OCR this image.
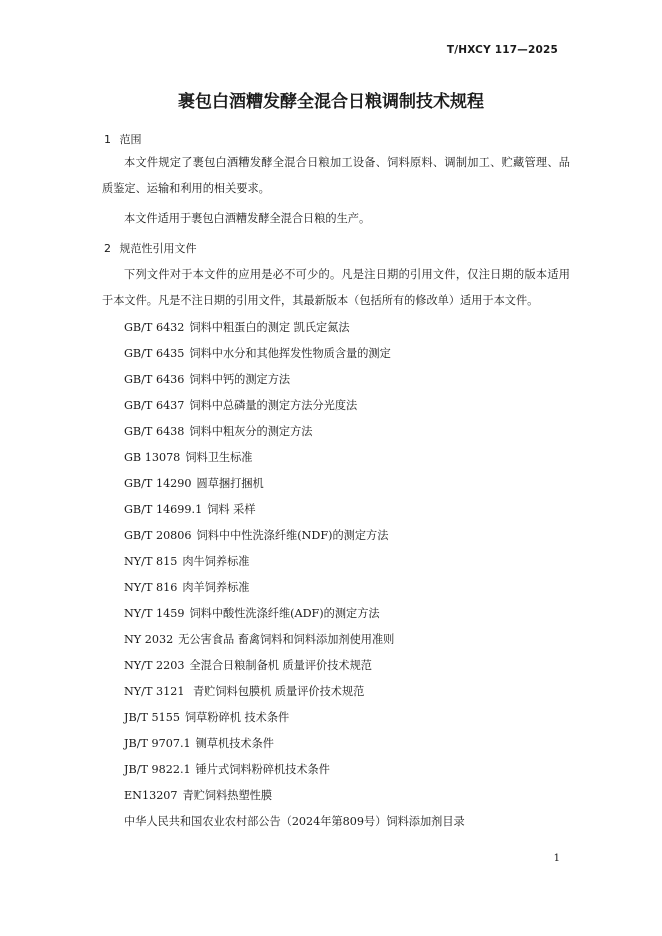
T/HXCY 117—2025
裹包白酒糟发酵全混合日粮调制技术规程
1 范围

本文件规定了裹包白酒糟发酵全混合日粮加工设备、饲料原料、调制加工、贮藏管理、品质鉴定、运输和利用的相关要求。

本文件适用于裹包白酒糟发酵全混合日粮的生产。

2 规范性引用文件

下列文件对于本文件的应用是必不可少的。凡是注日期的引用文件，仅注日期的版本适用于本文件。凡是不注日期的引用文件，其最新版本（包括所有的修改单）适用于本文件。

GB/T 6432 饲料中粗蛋白的测定 凯氏定氮法
GB/T 6435 饲料中水分和其他挥发性物质含量的测定
GB/T 6436 饲料中钙的测定方法
GB/T 6437 饲料中总磷量的测定方法分光度法
GB/T 6438 饲料中粗灰分的测定方法
GB 13078 饲料卫生标准
GB/T 14290 圆草捆打捆机
GB/T 14699.1 饲料 采样
GB/T 20806 饲料中中性洗涤纤维(NDF)的测定方法
NY/T 815 肉牛饲养标准
NY/T 816 肉羊饲养标准
NY/T 1459 饲料中酸性洗涤纤维(ADF)的测定方法
NY 2032 无公害食品 畜禽饲料和饲料添加剂使用准则
NY/T 2203 全混合日粮制备机 质量评价技术规范
NY/T 3121 青贮饲料包膜机 质量评价技术规范
JB/T 5155 饲草粉碎机 技术条件
JB/T 9707.1 铡草机技术条件
JB/T 9822.1 锤片式饲料粉碎机技术条件
EN13207 青贮饲料热塑性膜
中华人民共和国农业农村部公告（2024年第809号）饲料添加剂目录
1
